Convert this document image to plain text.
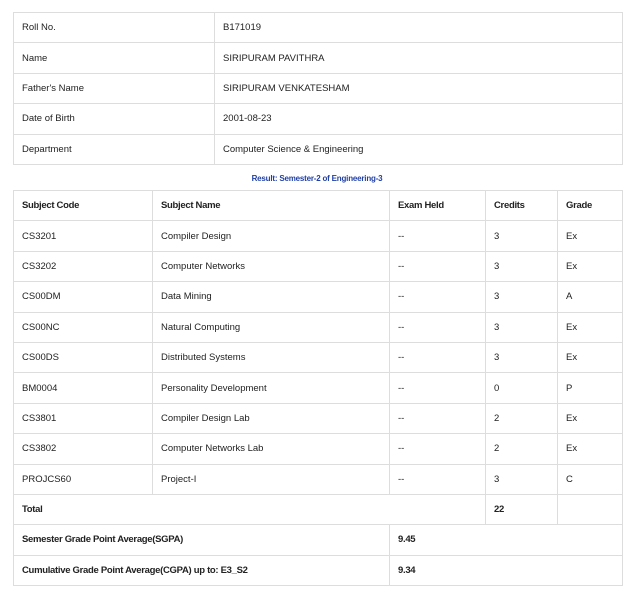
Roll No.	B171019
Name	SIRIPURAM PAVITHRA
Father's Name	SIRIPURAM VENKATESHAM
Date of Birth	2001-08-23
Department	Computer Science & Engineering
Result: Semester-2 of Engineering-3
Subject Code	Subject Name	Exam Held	Credits	Grade
CS3201	Compiler Design	--	3	Ex
CS3202	Computer Networks	--	3	Ex
CS00DM	Data Mining	--	3	A
CS00NC	Natural Computing	--	3	Ex
CS00DS	Distributed Systems	--	3	Ex
BM0004	Personality Development	--	0	P
CS3801	Compiler Design Lab	--	2	Ex
CS3802	Computer Networks Lab	--	2	Ex
PROJCS60	Project-I	--	3	C
Total			22	
Semester Grade Point Average(SGPA)		9.45		
Cumulative Grade Point Average(CGPA) up to: E3_S2		9.34		
